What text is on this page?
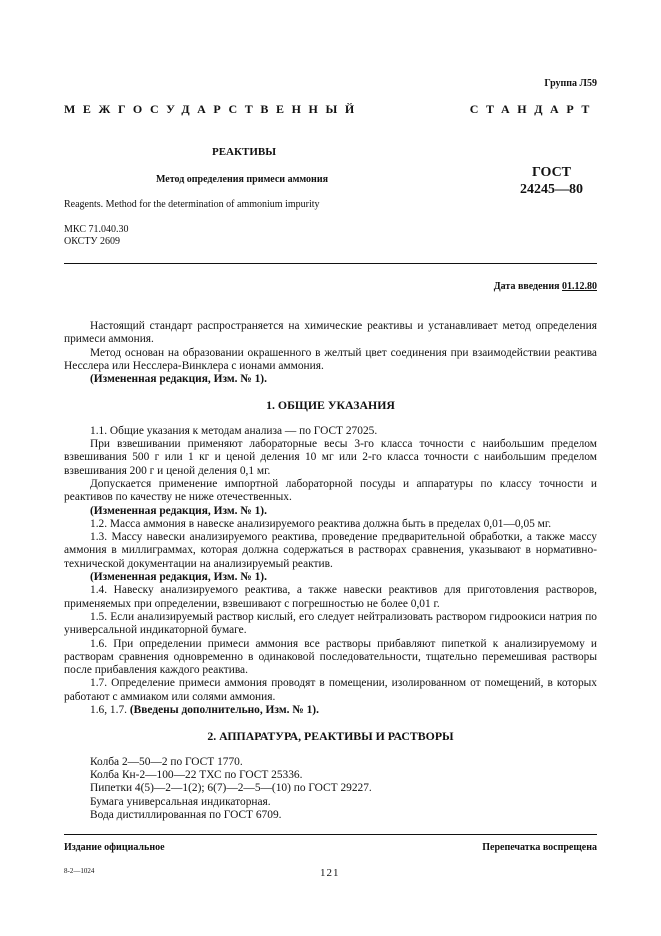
Группа Л59
МЕЖГОСУДАРСТВЕННЫЙ	СТАНДАРТ
РЕАКТИВЫ
Метод определения примеси аммония	ГОСТ
24245—80
Reagents. Method for the determination of ammonium impurity
МКС 71.040.30
ОКСТУ 2609
Дата введения 01.12.80

Настоящий стандарт распространяется на химические реактивы и устанавливает метод определения примеси аммония.

Метод основан на образовании окрашенного в желтый цвет соединения при взаимодействии реактива Несслера или Несслера-Винклера с ионами аммония.

(Измененная редакция, Изм. № 1).

1. ОБЩИЕ УКАЗАНИЯ

1.1. Общие указания к методам анализа — по ГОСТ 27025.

При взвешивании применяют лабораторные весы 3-го класса точности с наибольшим пределом взвешивания 500 г или 1 кг и ценой деления 10 мг или 2-го класса точности с наибольшим пределом взвешивания 200 г и ценой деления 0,1 мг.

Допускается применение импортной лабораторной посуды и аппаратуры по классу точности и реактивов по качеству не ниже отечественных.

(Измененная редакция, Изм. № 1).

1.2. Масса аммония в навеске анализируемого реактива должна быть в пределах 0,01—0,05 мг.

1.3. Массу навески анализируемого реактива, проведение предварительной обработки, а также массу аммония в миллиграммах, которая должна содержаться в растворах сравнения, указывают в нормативно-технической документации на анализируемый реактив.

(Измененная редакция, Изм. № 1).

1.4. Навеску анализируемого реактива, а также навески реактивов для приготовления растворов, применяемых при определении, взвешивают с погрешностью не более 0,01 г.

1.5. Если анализируемый раствор кислый, его следует нейтрализовать раствором гидроокиси натрия по универсальной индикаторной бумаге.

1.6. При определении примеси аммония все растворы прибавляют пипеткой к анализируемому и растворам сравнения одновременно в одинаковой последовательности, тщательно перемешивая растворы после прибавления каждого реактива.

1.7. Определение примеси аммония проводят в помещении, изолированном от помещений, в которых работают с аммиаком или солями аммония.

1.6, 1.7. (Введены дополнительно, Изм. № 1).

2. АППАРАТУРА, РЕАКТИВЫ И РАСТВОРЫ

Колба 2—50—2 по ГОСТ 1770.

Колба Кн-2—100—22 ТХС по ГОСТ 25336.

Пипетки 4(5)—2—1(2); 6(7)—2—5—(10) по ГОСТ 29227.

Бумага универсальная индикаторная.

Вода дистиллированная по ГОСТ 6709.

Издание официальное	Перепечатка воспрещена
8-2—1024	121
